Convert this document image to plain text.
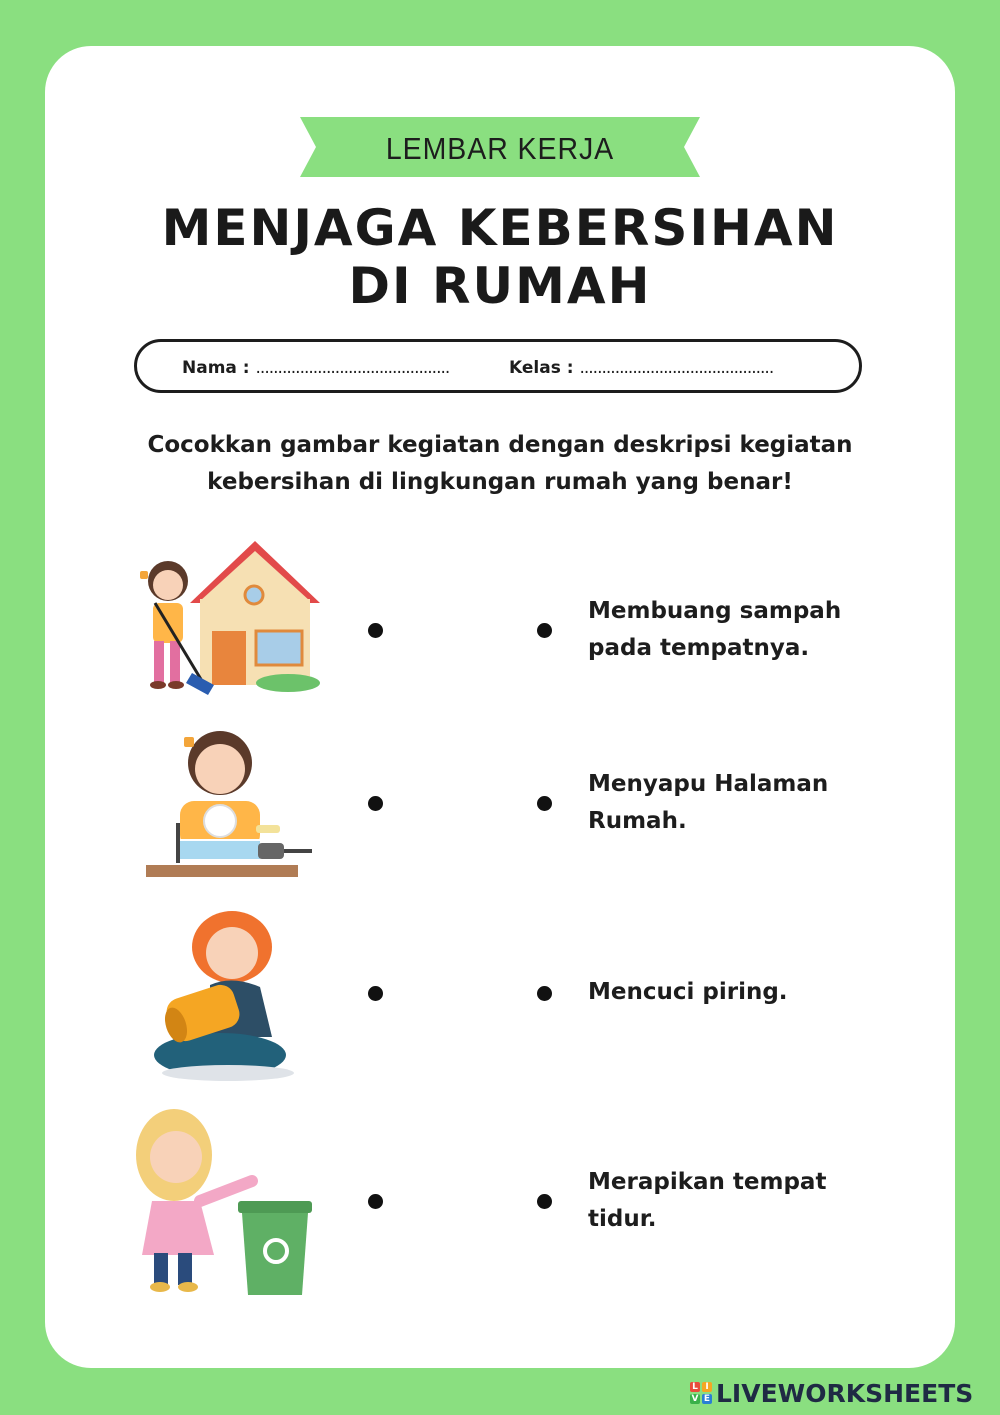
LEMBAR KERJA
MENJAGA KEBERSIHAN
DI RUMAH
Nama : ............................................	Kelas : ............................................
Cocokkan gambar kegiatan dengan deskripsi kegiatan
kebersihan di lingkungan rumah yang benar!
Membuang sampah
pada tempatnya.
Menyapu Halaman
Rumah.
Mencuci piring.
Merapikan tempat
tidur.
L I
V E LIVEWORKSHEETS
